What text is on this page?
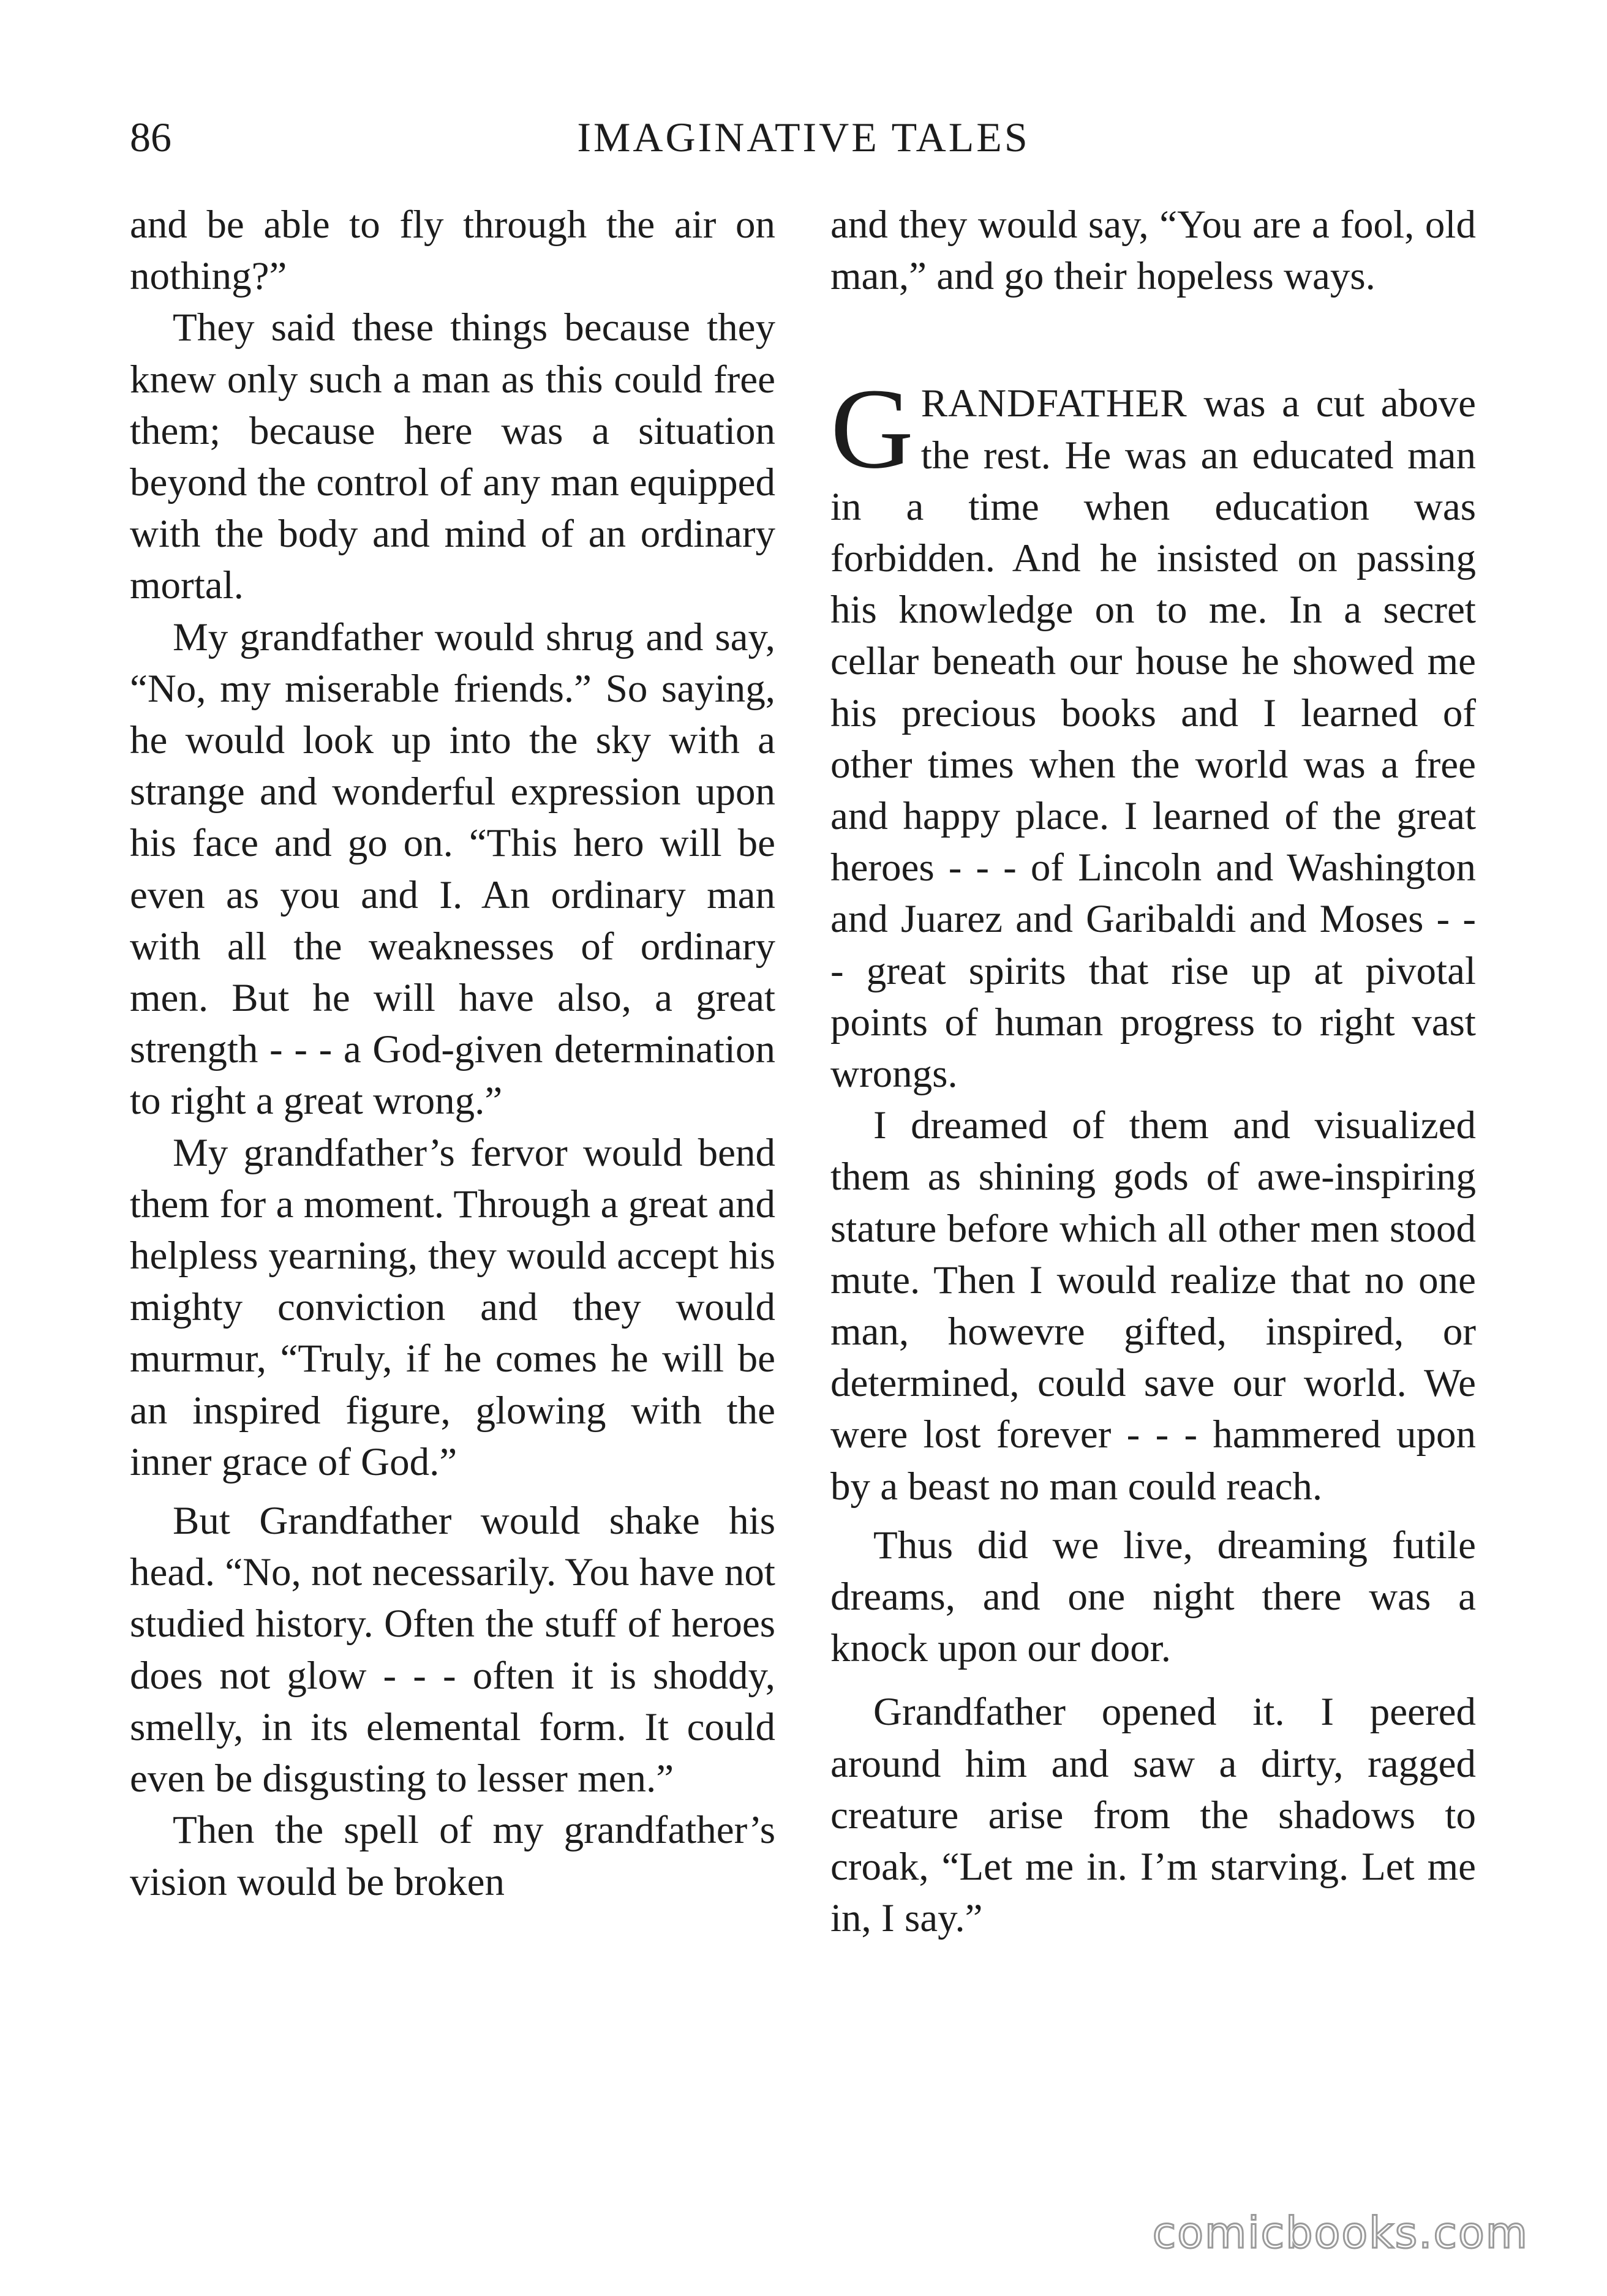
86	IMAGINATIVE TALES

and be able to fly through the air on nothing?”

They said these things because they knew only such a man as this could free them; because here was a situation beyond the control of any man equipped with the body and mind of an ordinary mortal.

My grandfather would shrug and say, “No, my miserable friends.” So saying, he would look up into the sky with a strange and wonderful expression upon his face and go on. “This hero will be even as you and I. An ordinary man with all the weaknesses of ordinary men. But he will have also, a great strength - - - a God-given determination to right a great wrong.”

My grandfather’s fervor would bend them for a moment. Through a great and helpless yearning, they would accept his mighty conviction and they would murmur, “Truly, if he comes he will be an inspired figure, glowing with the inner grace of God.”

But Grandfather would shake his head. “No, not necessarily. You have not studied history. Often the stuff of heroes does not glow - - - often it is shoddy, smelly, in its elemental form. It could even be disgusting to lesser men.”

Then the spell of my grandfather’s vision would be broken

and they would say, “You are a fool, old man,” and go their hopeless ways.

GRANDFATHER was a cut above the rest. He was an educated man in a time when education was forbidden. And he insisted on passing his knowledge on to me. In a secret cellar beneath our house he showed me his precious books and I learned of other times when the world was a free and happy place. I learned of the great heroes - - - of Lincoln and Washington and Juarez and Garibaldi and Moses - - - great spirits that rise up at pivotal points of human progress to right vast wrongs.

I dreamed of them and visualized them as shining gods of awe-inspiring stature before which all other men stood mute. Then I would realize that no one man, howevre gifted, inspired, or determined, could save our world. We were lost forever - - - hammered upon by a beast no man could reach.

Thus did we live, dreaming futile dreams, and one night there was a knock upon our door.

Grandfather opened it. I peered around him and saw a dirty, ragged creature arise from the shadows to croak, “Let me in. I’m starving. Let me in, I say.”

comicbooks.com
